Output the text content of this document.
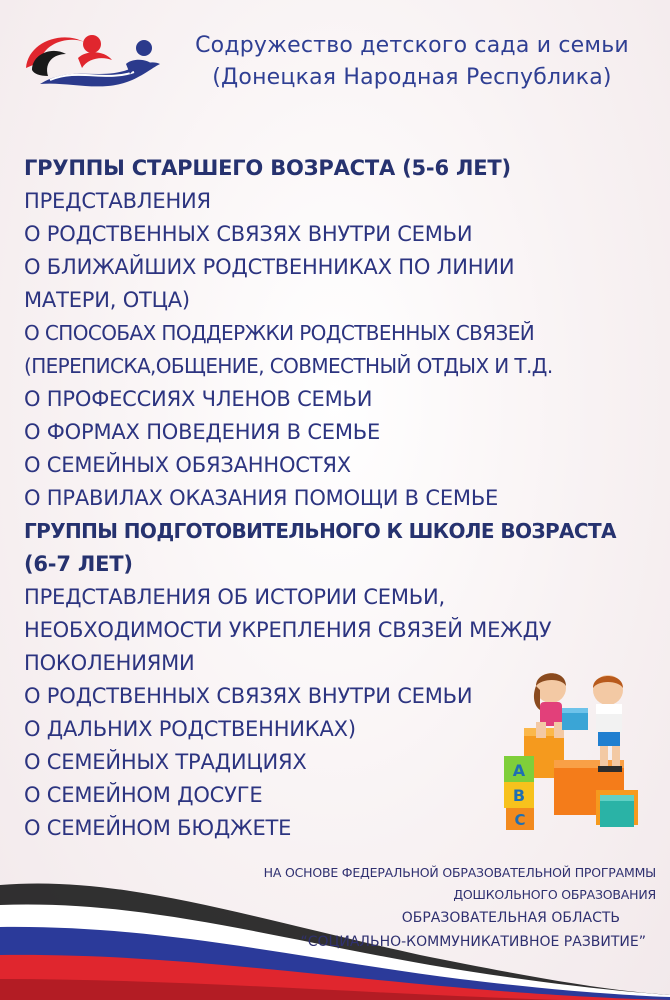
Содружество детского сада и семьи
(Донецкая Народная Республика)
ГРУППЫ СТАРШЕГО ВОЗРАСТА (5-6 ЛЕТ)
ПРЕДСТАВЛЕНИЯ
О РОДСТВЕННЫХ СВЯЗЯХ ВНУТРИ СЕМЬИ
О БЛИЖАЙШИХ РОДСТВЕННИКАХ ПО ЛИНИИ
МАТЕРИ, ОТЦА)
О СПОСОБАХ ПОДДЕРЖКИ РОДСТВЕННЫХ СВЯЗЕЙ
(ПЕРЕПИСКА,ОБЩЕНИЕ, СОВМЕСТНЫЙ ОТДЫХ И Т.Д.
О ПРОФЕССИЯХ ЧЛЕНОВ СЕМЬИ
О ФОРМАХ ПОВЕДЕНИЯ В СЕМЬЕ
О СЕМЕЙНЫХ ОБЯЗАННОСТЯХ
О ПРАВИЛАХ ОКАЗАНИЯ ПОМОЩИ В СЕМЬЕ
ГРУППЫ ПОДГОТОВИТЕЛЬНОГО К ШКОЛЕ ВОЗРАСТА
(6-7 ЛЕТ)
ПРЕДСТАВЛЕНИЯ ОБ ИСТОРИИ СЕМЬИ,
НЕОБХОДИМОСТИ УКРЕПЛЕНИЯ СВЯЗЕЙ МЕЖДУ
ПОКОЛЕНИЯМИ
О РОДСТВЕННЫХ СВЯЗЯХ ВНУТРИ СЕМЬИ
О ДАЛЬНИХ РОДСТВЕННИКАХ)
О СЕМЕЙНЫХ ТРАДИЦИЯХ
О СЕМЕЙНОМ ДОСУГЕ
О СЕМЕЙНОМ БЮДЖЕТЕ
A
B
C
НА ОСНОВЕ ФЕДЕРАЛЬНОЙ ОБРАЗОВАТЕЛЬНОЙ ПРОГРАММЫ
ДОШКОЛЬНОГО ОБРАЗОВАНИЯ
ОБРАЗОВАТЕЛЬНАЯ ОБЛАСТЬ
“СОЦИАЛЬНО-КОММУНИКАТИВНОЕ РАЗВИТИЕ”
